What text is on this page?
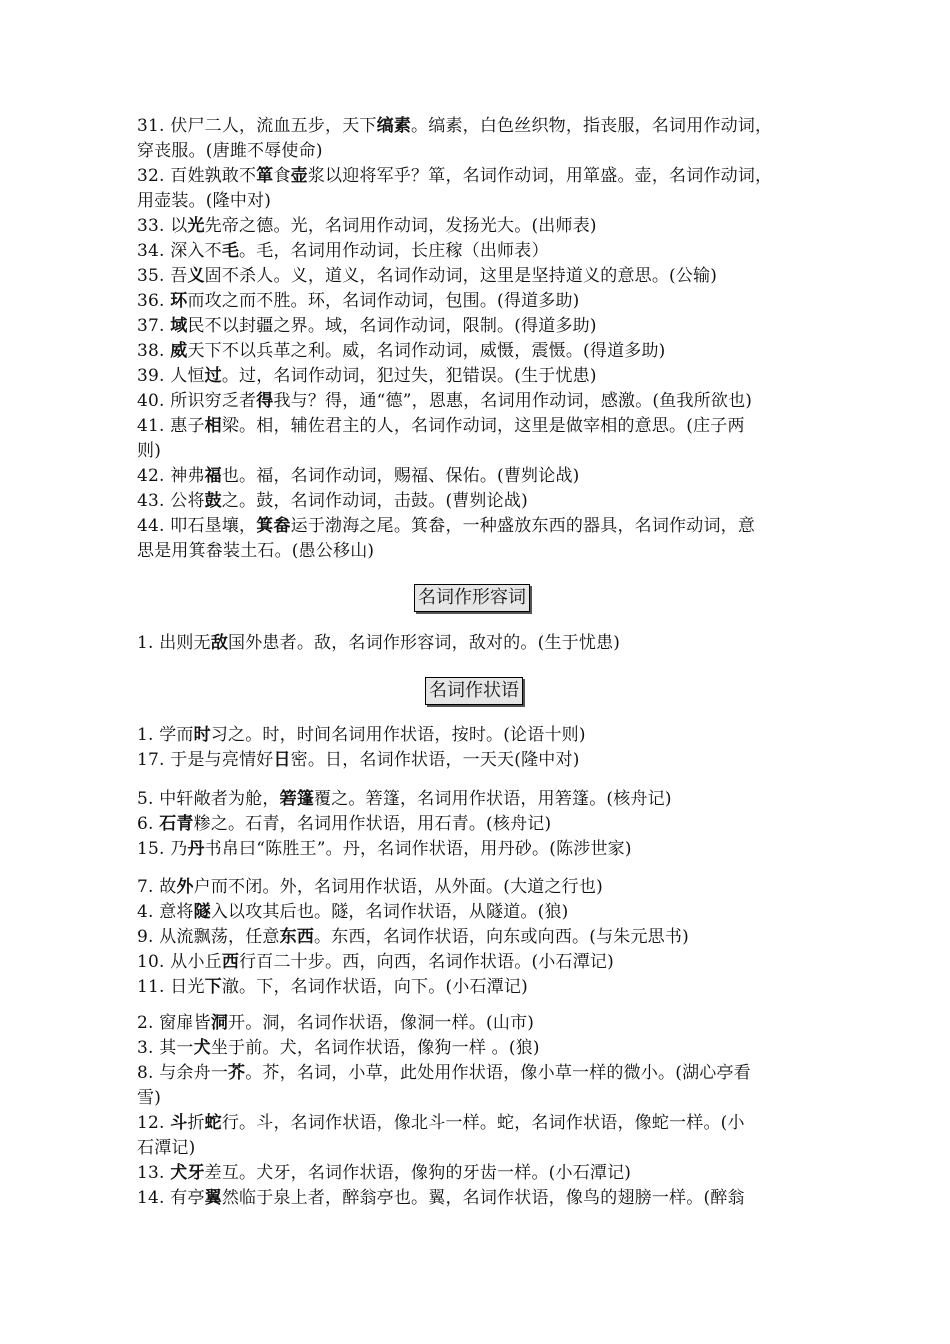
31. 伏尸二人，流血五步，天下缟素。缟素，白色丝织物，指丧服，名词用作动词，
穿丧服。(唐雎不辱使命)
32. 百姓孰敢不箪食壶浆以迎将军乎？箪，名词作动词，用箪盛。壶，名词作动词，
用壶装。(隆中对)
33. 以光先帝之德。光，名词用作动词，发扬光大。(出师表)
34. 深入不毛。毛，名词用作动词，长庄稼（出师表）
35. 吾义固不杀人。义，道义，名词作动词，这里是坚持道义的意思。(公输)
36. 环而攻之而不胜。环，名词作动词，包围。(得道多助)
37. 域民不以封疆之界。域，名词作动词，限制。(得道多助)
38. 威天下不以兵革之利。威，名词作动词，威慑，震慑。(得道多助)
39. 人恒过。过，名词作动词，犯过失，犯错误。(生于忧患)
40. 所识穷乏者得我与？得，通“德”，恩惠，名词用作动词，感激。(鱼我所欲也)
41. 惠子相梁。相，辅佐君主的人，名词作动词，这里是做宰相的意思。(庄子两
则)
42. 神弗福也。福，名词作动词，赐福、保佑。(曹刿论战)
43. 公将鼓之。鼓，名词作动词，击鼓。(曹刿论战)
44. 叩石垦壤，箕畚运于渤海之尾。箕畚，一种盛放东西的器具，名词作动词，意
思是用箕畚装土石。(愚公移山)
名词作形容词
1. 出则无敌国外患者。敌，名词作形容词，敌对的。(生于忧患)
名词作状语
1. 学而时习之。时，时间名词用作状语，按时。(论语十则)
17. 于是与亮情好日密。日，名词作状语，一天天(隆中对)
5. 中轩敞者为舱，箬篷覆之。箬篷，名词用作状语，用箬篷。(核舟记)
6. 石青糁之。石青，名词用作状语，用石青。(核舟记)
15. 乃丹书帛曰“陈胜王”。丹，名词作状语，用丹砂。(陈涉世家)
7. 故外户而不闭。外，名词用作状语，从外面。(大道之行也)
4. 意将隧入以攻其后也。隧，名词作状语，从隧道。(狼)
9. 从流飘荡，任意东西。东西，名词作状语，向东或向西。(与朱元思书)
10. 从小丘西行百二十步。西，向西，名词作状语。(小石潭记)
11. 日光下澈。下，名词作状语，向下。(小石潭记)
2. 窗扉皆洞开。洞，名词作状语，像洞一样。(山市)
3. 其一犬坐于前。犬，名词作状语，像狗一样 。(狼)
8. 与余舟一芥。芥，名词，小草，此处用作状语，像小草一样的微小。(湖心亭看
雪)
12. 斗折蛇行。斗，名词作状语，像北斗一样。蛇，名词作状语，像蛇一样。(小
石潭记)
13. 犬牙差互。犬牙，名词作状语，像狗的牙齿一样。(小石潭记)
14. 有亭翼然临于泉上者，醉翁亭也。翼，名词作状语，像鸟的翅膀一样。(醉翁
